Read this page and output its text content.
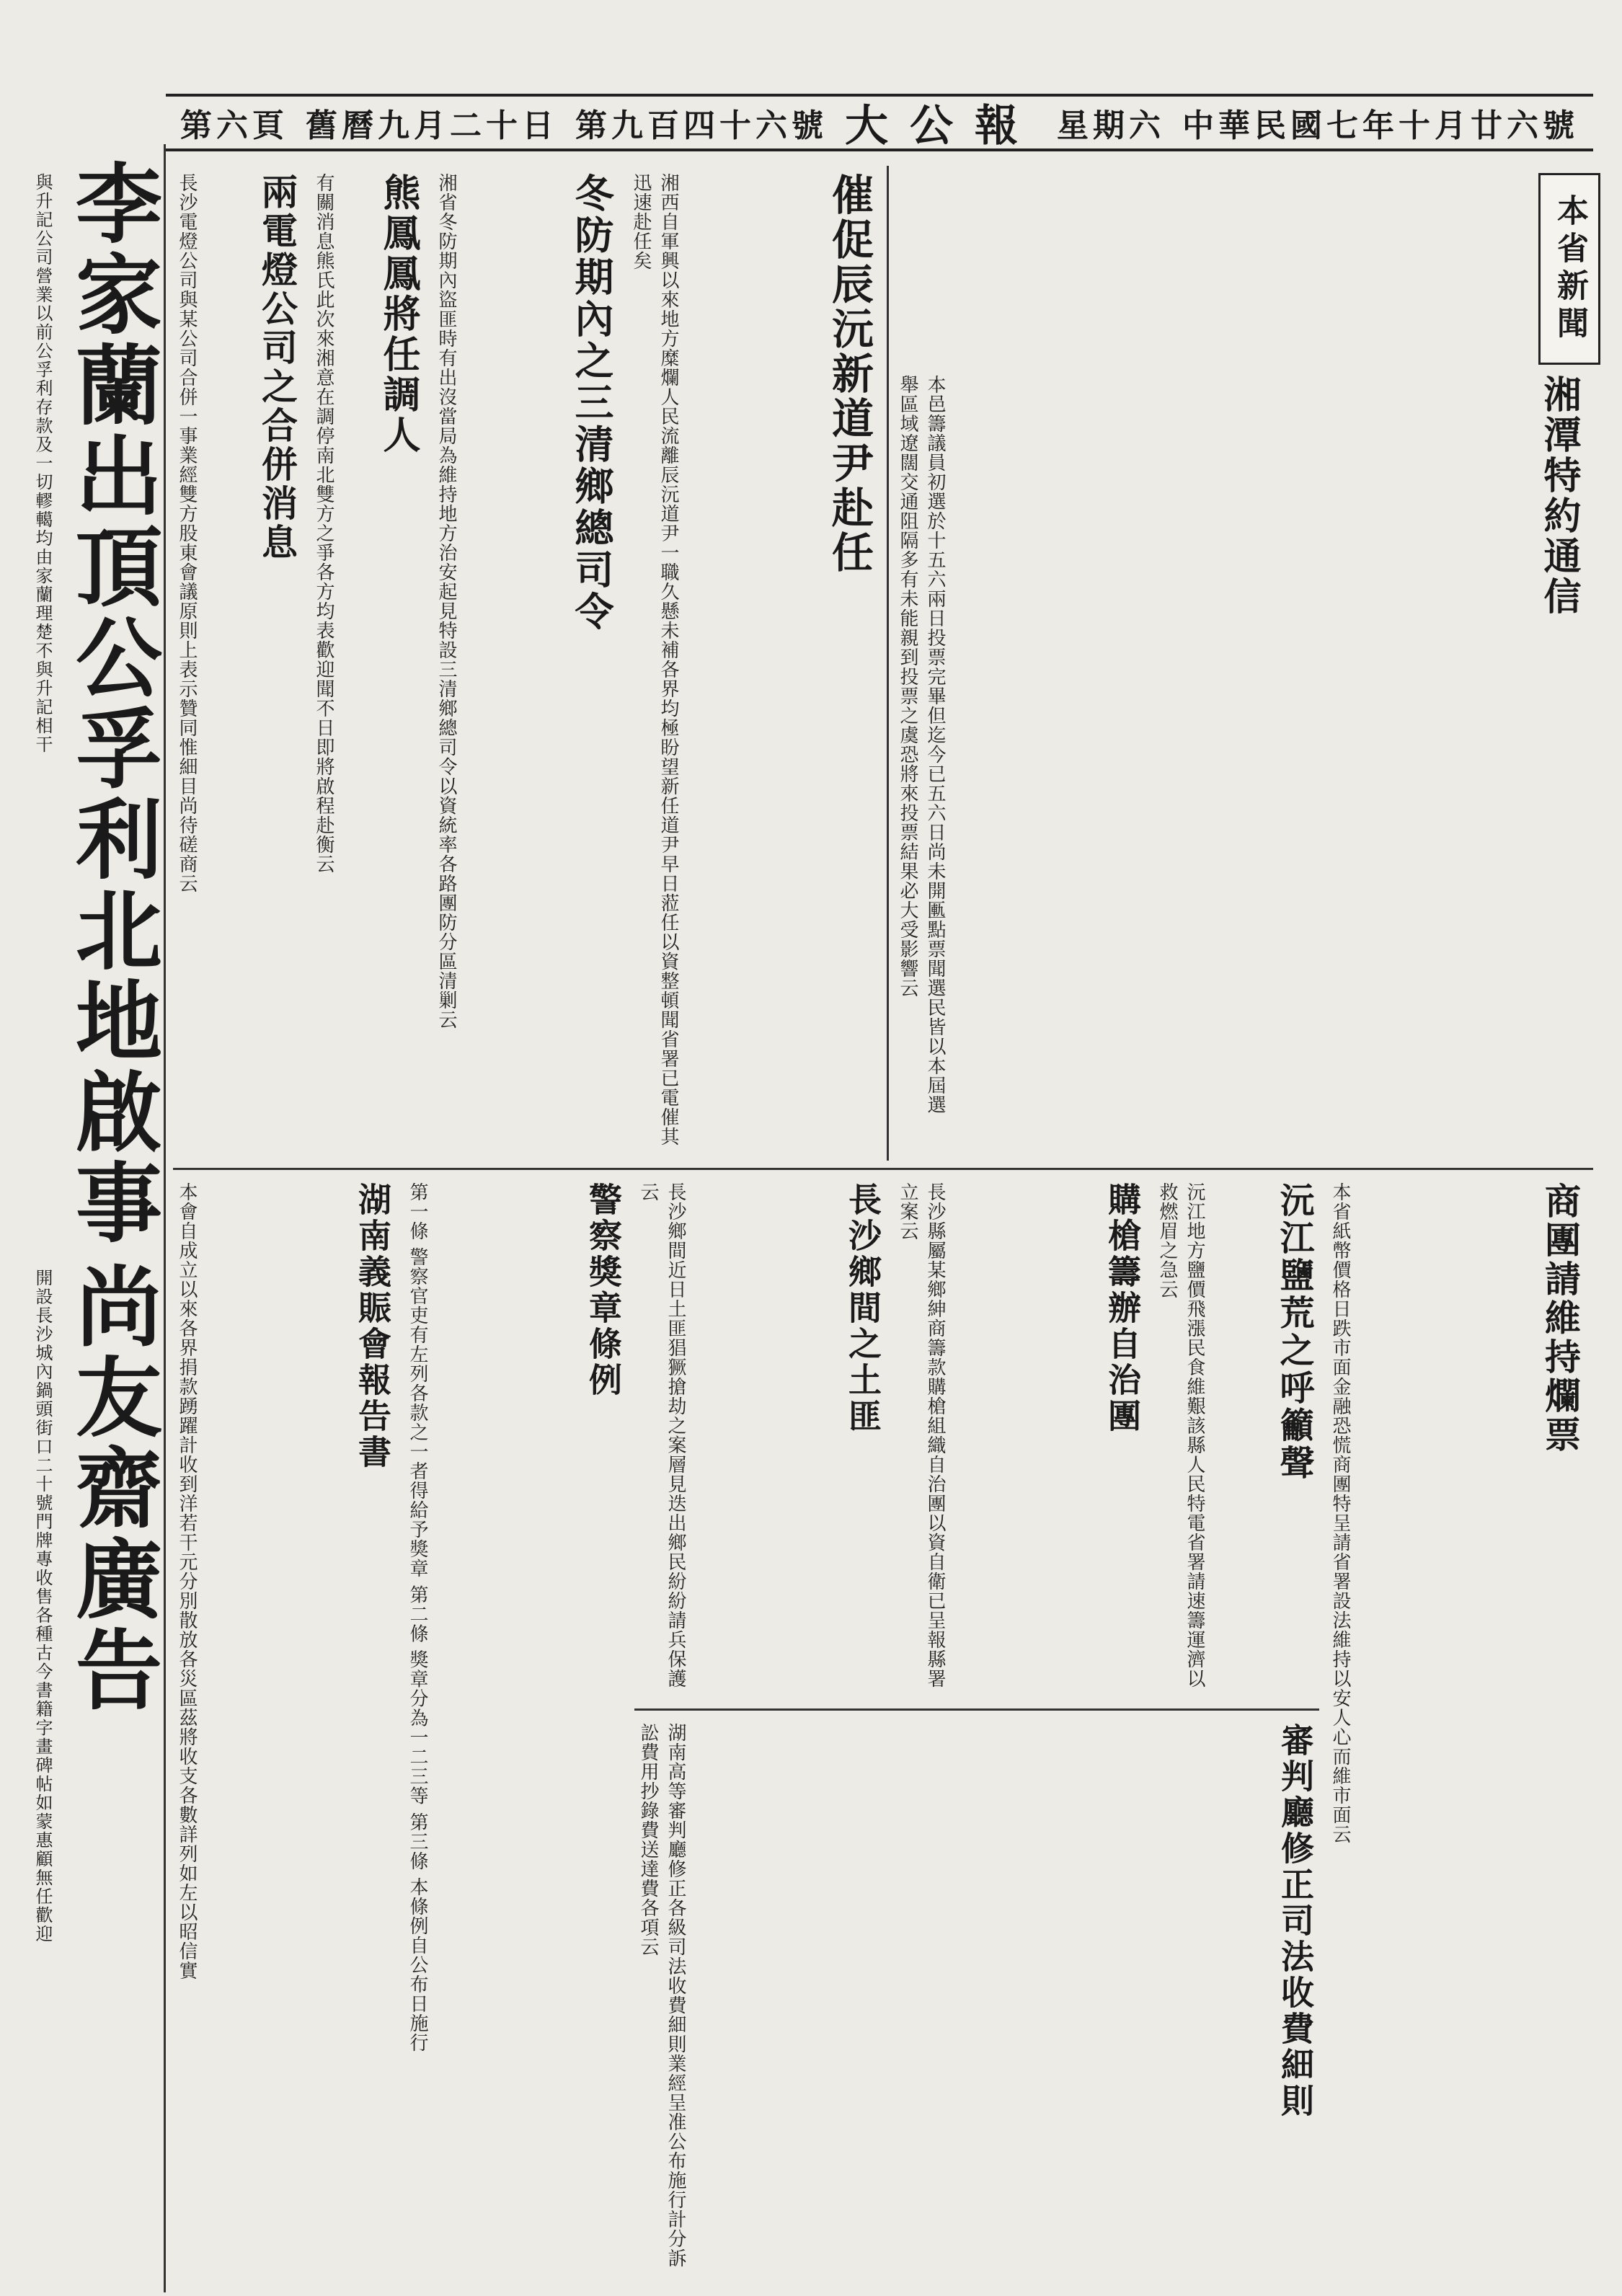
第六頁 舊曆九月二十日 第九百四十六號 大公報 星期六 中華民國七年十月廿六號
本省新聞
李家蘭出頂公孚利北地啟事
尚友齋廣告
與升記公司營業以前公孚利存款及一切轇轕均由家蘭理楚不與升記相干
開設長沙城內鍋頭街口二十號門牌專收售各種古今書籍字畫碑帖如蒙惠顧無任歡迎
湘潭特約通信
本邑籌議員初選於十五六兩日投票完畢但迄今已五六日尚未開匭點票聞選民皆以本屆選舉區域遼闊交通阻隔多有未能親到投票之虞恐將來投票結果必大受影響云
催促辰沅新道尹赴任
湘西自軍興以來地方糜爛人民流離辰沅道尹一職久懸未補各界均極盼望新任道尹早日蒞任以資整頓聞省署已電催其迅速赴任矣
冬防期內之三清鄉總司令
湘省冬防期內盜匪時有出沒當局為維持地方治安起見特設三清鄉總司令以資統率各路團防分區清剿云
熊鳳鳳將任調人
有關消息熊氏此次來湘意在調停南北雙方之爭各方均表歡迎聞不日即將啟程赴衡云
兩電燈公司之合併消息
長沙電燈公司與某公司合併一事業經雙方股東會議原則上表示贊同惟細目尚待磋商云
商團請維持爛票
本省紙幣價格日跌市面金融恐慌商團特呈請省署設法維持以安人心而維市面云
沅江鹽荒之呼籲聲
沅江地方鹽價飛漲民食維艱該縣人民特電省署請速籌運濟以救燃眉之急云
購槍籌辦自治團
長沙縣屬某鄉紳商籌款購槍組織自治團以資自衛已呈報縣署立案云
長沙鄉間之土匪
長沙鄉間近日土匪猖獗搶劫之案層見迭出鄉民紛紛請兵保護云
審判廳修正司法收費細則
湖南高等審判廳修正各級司法收費細則業經呈准公布施行計分訴訟費用抄錄費送達費各項云
警察獎章條例
第一條 警察官吏有左列各款之一者得給予獎章 第二條 獎章分為一二三等 第三條 本條例自公布日施行
湖南義賑會報告書
本會自成立以來各界捐款踴躍計收到洋若干元分別散放各災區茲將收支各數詳列如左以昭信實
